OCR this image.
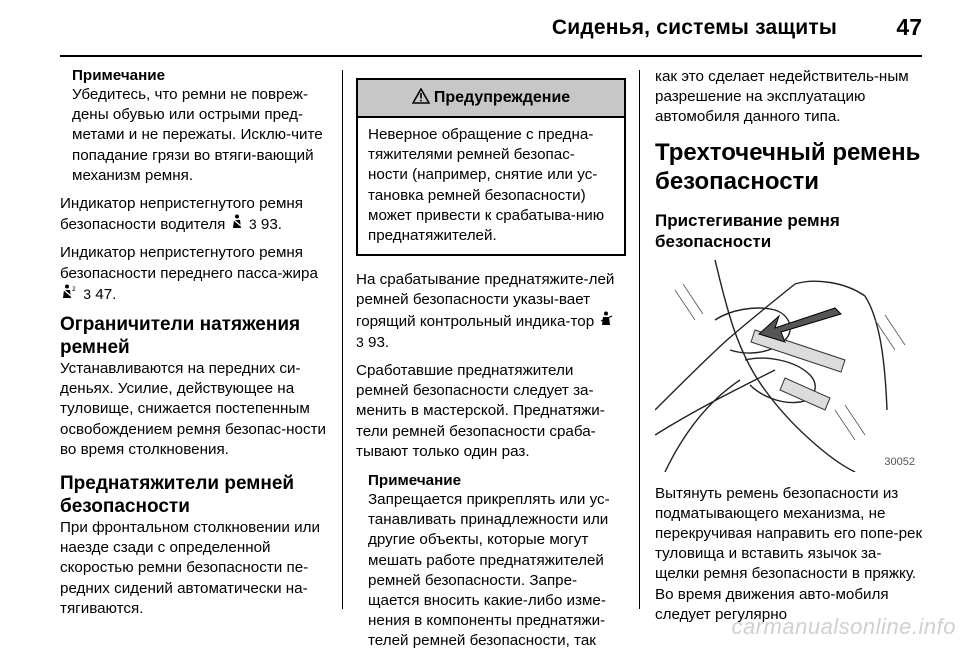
Сиденья, системы защиты	47
Примечание
Убедитесь, что ремни не повреж-дены обувью или острыми пред-метами и не пережаты. Исклю-чите попадание грязи во втяги-вающий механизм ремня.

Индикатор непристегнутого ремня безопасности водителя 3 93.

Индикатор непристегнутого ремня безопасности переднего пасса-жира
2 3 47.

Ограничители натяжения ремней

Устанавливаются на передних си-деньях. Усилие, действующее на туловище, снижается постепенным освобождением ремня безопас-ности во время столкновения.

Преднатяжители ремней безопасности

При фронтальном столкновении или наезде сзади с определенной скоростью ремни безопасности пе-редних сидений автоматически на-тягиваются.

Предупреждение
Неверное обращение с предна-тяжителями ремней безопас-ности (например, снятие или ус-тановка ремней безопасности) может привести к срабатыва-нию преднатяжителей.

На срабатывание преднатяжите-лей ремней безопасности указы-вает горящий контрольный индика-тор  3 93.

Сработавшие преднатяжители ремней безопасности следует за-менить в мастерской. Преднатяжи-тели ремней безопасности сраба-тывают только один раз.

Примечание
Запрещается прикреплять или ус-танавливать принадлежности или другие объекты, которые могут мешать работе преднатяжителей ремней безопасности. Запре-щается вносить какие-либо изме-нения в компоненты преднатяжи-телей ремней безопасности, так

как это сделает недействитель-ным разрешение на эксплуатацию автомобиля данного типа.

Трехточечный ремень безопасности
Пристегивание ремня безопасности
30052

Вытянуть ремень безопасности из подматывающего механизма, не перекручивая направить его попе-рек туловища и вставить язычок за-щелки ремня безопасности в пряжку. Во время движения авто-мобиля следует регулярно

carmanualsonline.info
